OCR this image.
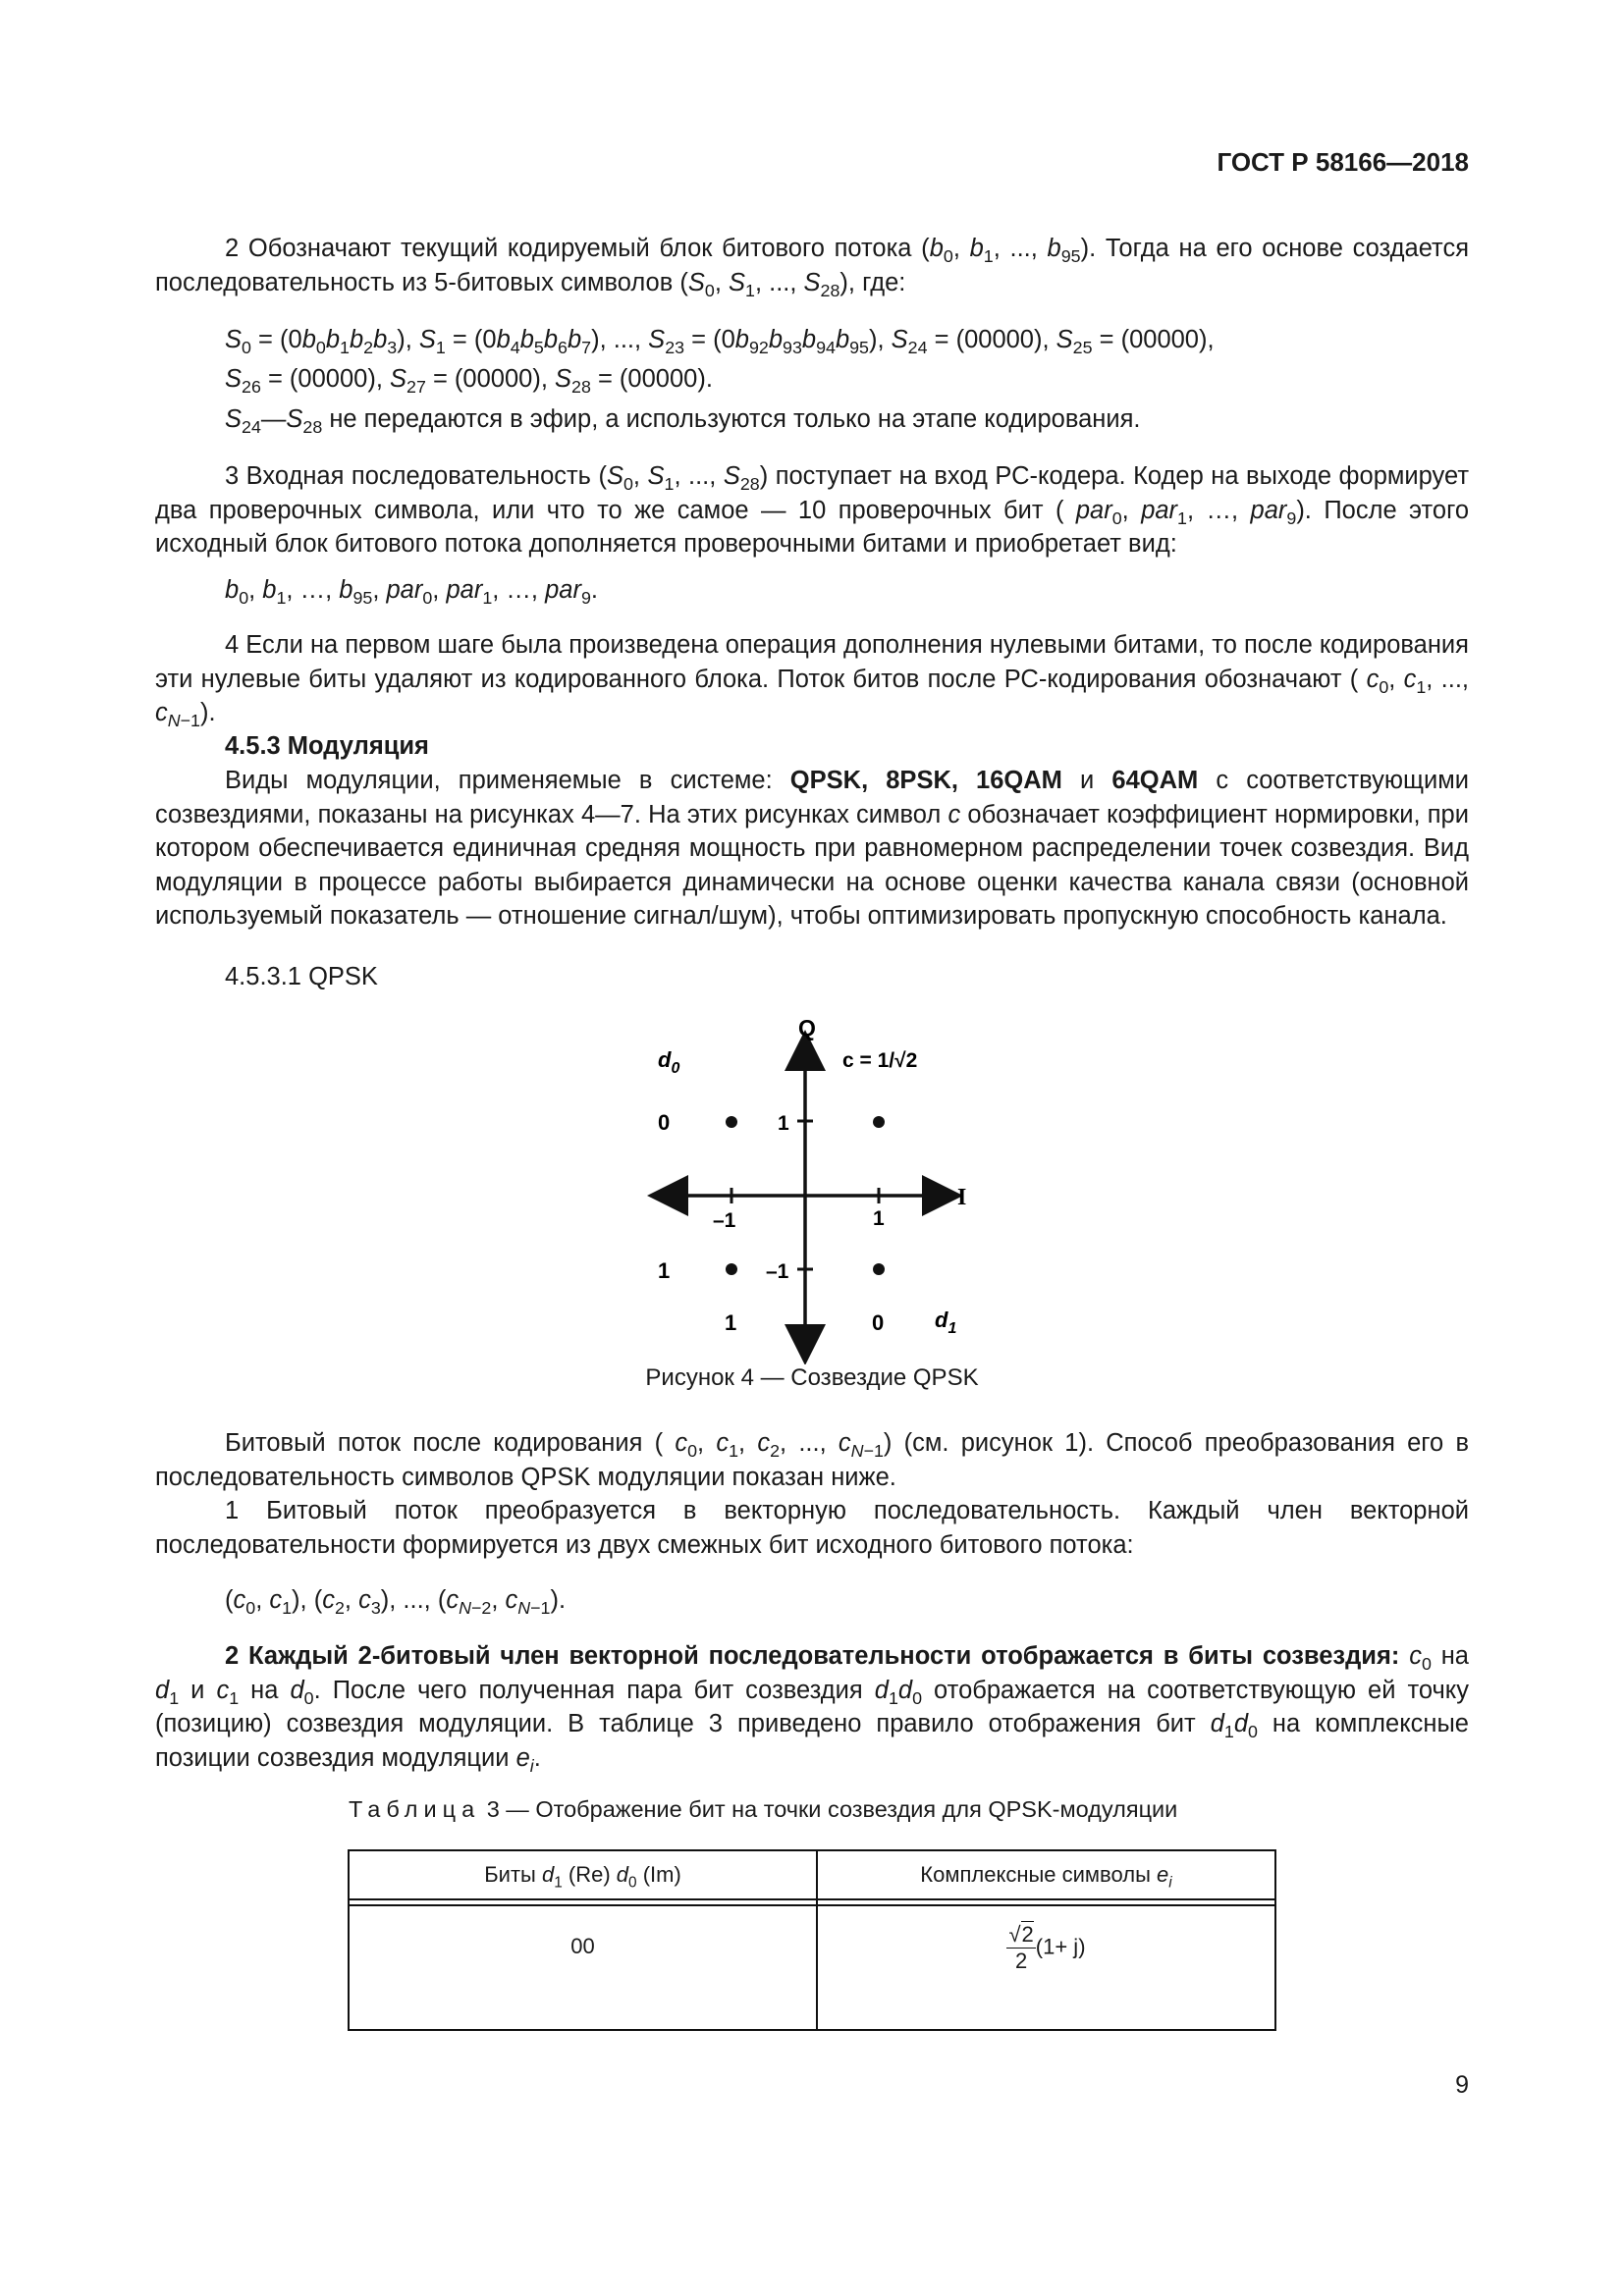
ГОСТ Р 58166—2018

2 Обозначают текущий кодируемый блок битового потока ($b_0$, $b_1$, ..., $b_{95}$). Тогда на его основе создается последовательность из 5-битовых символов ($S_0$, $S_1$, ..., $S_{28}$), где:

$S_0 = (0b_0b_1b_2b_3)$, $S_1 = (0b_4b_5b_6b_7)$, ..., $S_{23} = (0b_{92}b_{93}b_{94}b_{95})$, $S_{24} = (00000)$, $S_{25} = (00000)$,
$S_{26} = (00000)$, $S_{27} = (00000)$, $S_{28} = (00000)$.
$S_{24}—S_{28}$ не передаются в эфир, а используются только на этапе кодирования.

3 Входная последовательность ($S_0$, $S_1$, ..., $S_{28}$) поступает на вход РС-кодера. Кодер на выходе формирует два проверочных символа, или что то же самое — 10 проверочных бит ( par$_0$, par$_1$, …, par$_9$). После этого исходный блок битового потока дополняется проверочными битами и приобретает вид:

$b_0$, $b_1$, …, $b_{95}$, par$_0$, par$_1$, …, par$_9$.

4 Если на первом шаге была произведена операция дополнения нулевыми битами, то после кодирования эти нулевые биты удаляют из кодированного блока. Поток битов после РС-кодирования обозначают ( $c_0$, $c_1$, ..., $c_{N-1}$).

4.5.3 Модуляция

Виды модуляции, применяемые в системе: QPSK, 8PSK, 16QAM и 64QAM с соответствующими созвездиями, показаны на рисунках 4—7. На этих рисунках символ c обозначает коэффициент нормировки, при котором обеспечивается единичная средняя мощность при равномерном распределении точек созвездия. Вид модуляции в процессе работы выбирается динамически на основе оценки качества канала связи (основной используемый показатель — отношение сигнал/шум), чтобы оптимизировать пропускную способность канала.

4.5.3.1 QPSK
Q
I
$d_0$	c = 1/√2
0
1
1
–1
–1	1
1	0 $d_1$
Рисунок 4 — Созвездие QPSK

Битовый поток после кодирования ( $c_0$, $c_1$, $c_2$, ..., $c_{N-1}$) (см. рисунок 1). Способ преобразования его в последовательность символов QPSK модуляции показан ниже.

1 Битовый поток преобразуется в векторную последовательность. Каждый член векторной последовательности формируется из двух смежных бит исходного битового потока:

($c_0$, $c_1$), ($c_2$, $c_3$), ..., ($c_{N-2}$, $c_{N-1}$).

2 Каждый 2-битовый член векторной последовательности отображается в биты созвездия: $c_0$ на $d_1$ и $c_1$ на $d_0$. После чего полученная пара бит созвездия $d_1d_0$ отображается на соответствующую ей точку (позицию) созвездия модуляции. В таблице 3 приведено правило отображения бит $d_1d_0$ на комплексные позиции созвездия модуляции $e_i$.

Таблица 3 — Отображение бит на точки созвездия для QPSK-модуляции
Биты $d_1$ (Re) $d_0$ (Im)	Комплексные символы $e_i$

00	$\frac{√2}{2} (1+ j)$
9
